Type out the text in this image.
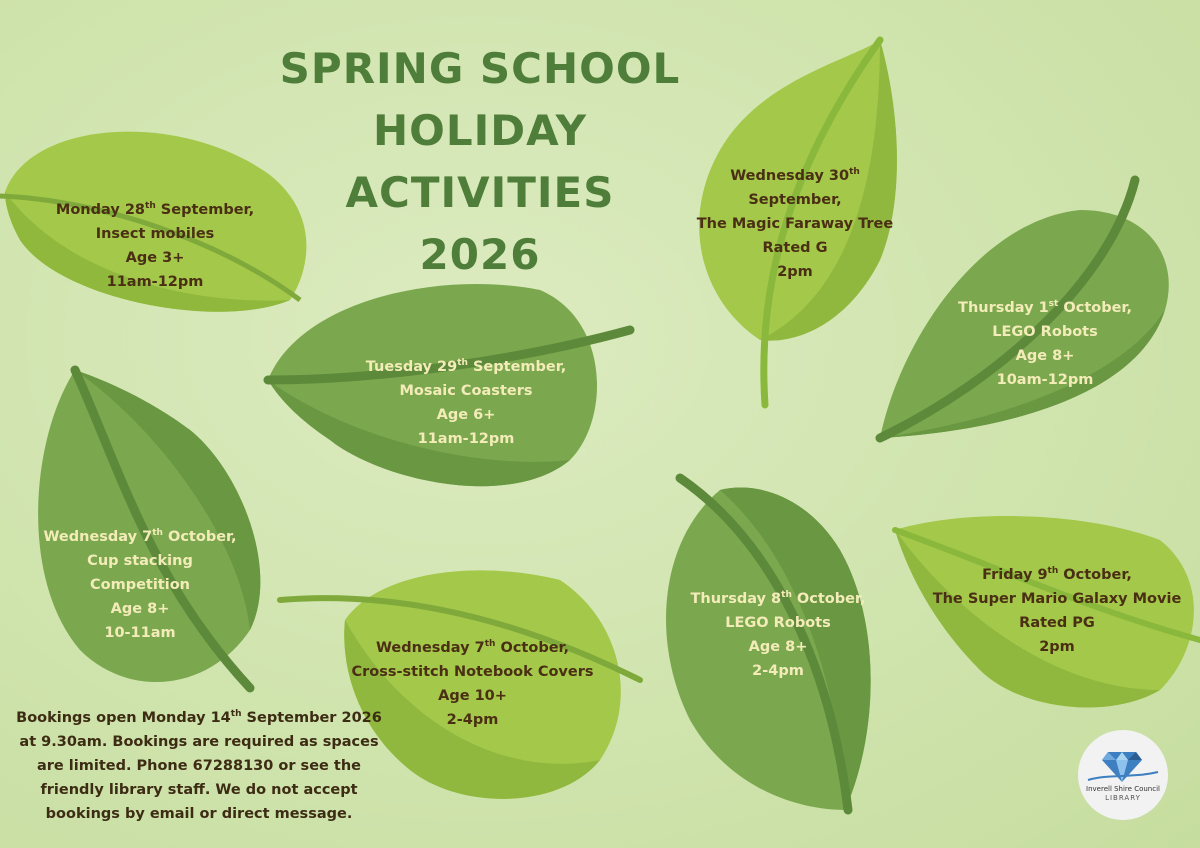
SPRING SCHOOL
HOLIDAY ACTIVITIES
2026
Monday 28th September,
Insect mobiles
Age 3+
11am-12pm
Tuesday 29th September,
Mosaic Coasters
Age 6+
11am-12pm
Wednesday 30th
September,
The Magic Faraway Tree
Rated G
2pm
Thursday 1st October,
LEGO Robots
Age 8+
10am-12pm
Wednesday 7th October,
Cup stacking
Competition
Age 8+
10-11am
Wednesday 7th October,
Cross-stitch Notebook Covers
Age 10+
2-4pm
Thursday 8th October,
LEGO Robots
Age 8+
2-4pm
Friday 9th October,
The Super Mario Galaxy Movie
Rated PG
2pm
Bookings open Monday 14th September 2026 at 9.30am. Bookings are required as spaces are limited. Phone 67288130 or see the friendly library staff. We do not accept bookings by email or direct message.
Inverell Shire Council
LIBRARY
